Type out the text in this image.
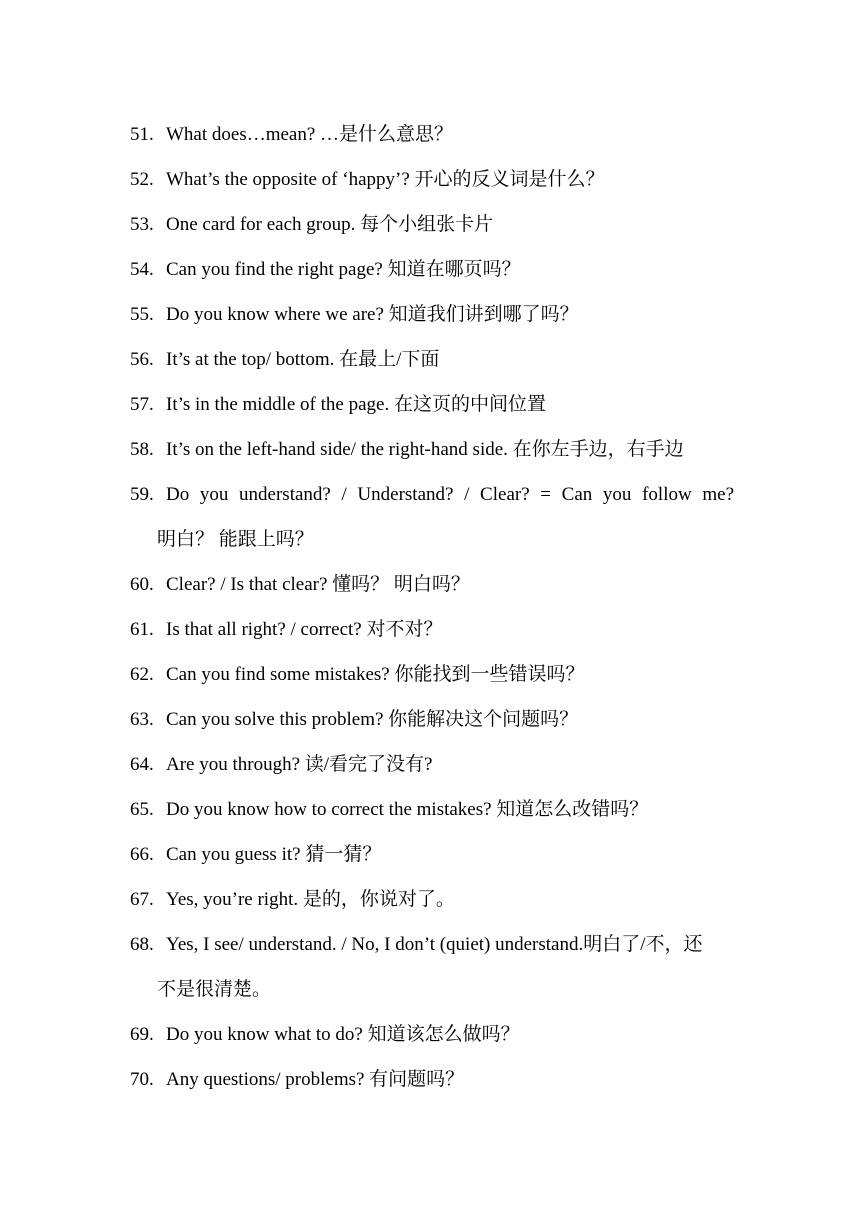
51. What does…mean? …是什么意思？
52. What’s the opposite of ‘happy’? 开心的反义词是什么？
53. One card for each group. 每个小组张卡片
54. Can you find the right page? 知道在哪页吗？
55. Do you know where we are? 知道我们讲到哪了吗？
56. It’s at the top/ bottom. 在最上/下面
57. It’s in the middle of the page. 在这页的中间位置
58. It’s on the left-hand side/ the right-hand side. 在你左手边，右手边
59. Do you understand? / Understand? / Clear? = Can you follow me?
明白？ 能跟上吗？
60. Clear? / Is that clear? 懂吗？ 明白吗？
61. Is that all right? / correct? 对不对？
62. Can you find some mistakes? 你能找到一些错误吗？
63. Can you solve this problem? 你能解决这个问题吗？
64. Are you through? 读/看完了没有?
65. Do you know how to correct the mistakes? 知道怎么改错吗？
66. Can you guess it? 猜一猜？
67. Yes, you’re right. 是的，你说对了。
68. Yes, I see/ understand. / No, I don’t (quiet) understand.明白了/不，还
不是很清楚。
69. Do you know what to do? 知道该怎么做吗？
70. Any questions/ problems? 有问题吗？
